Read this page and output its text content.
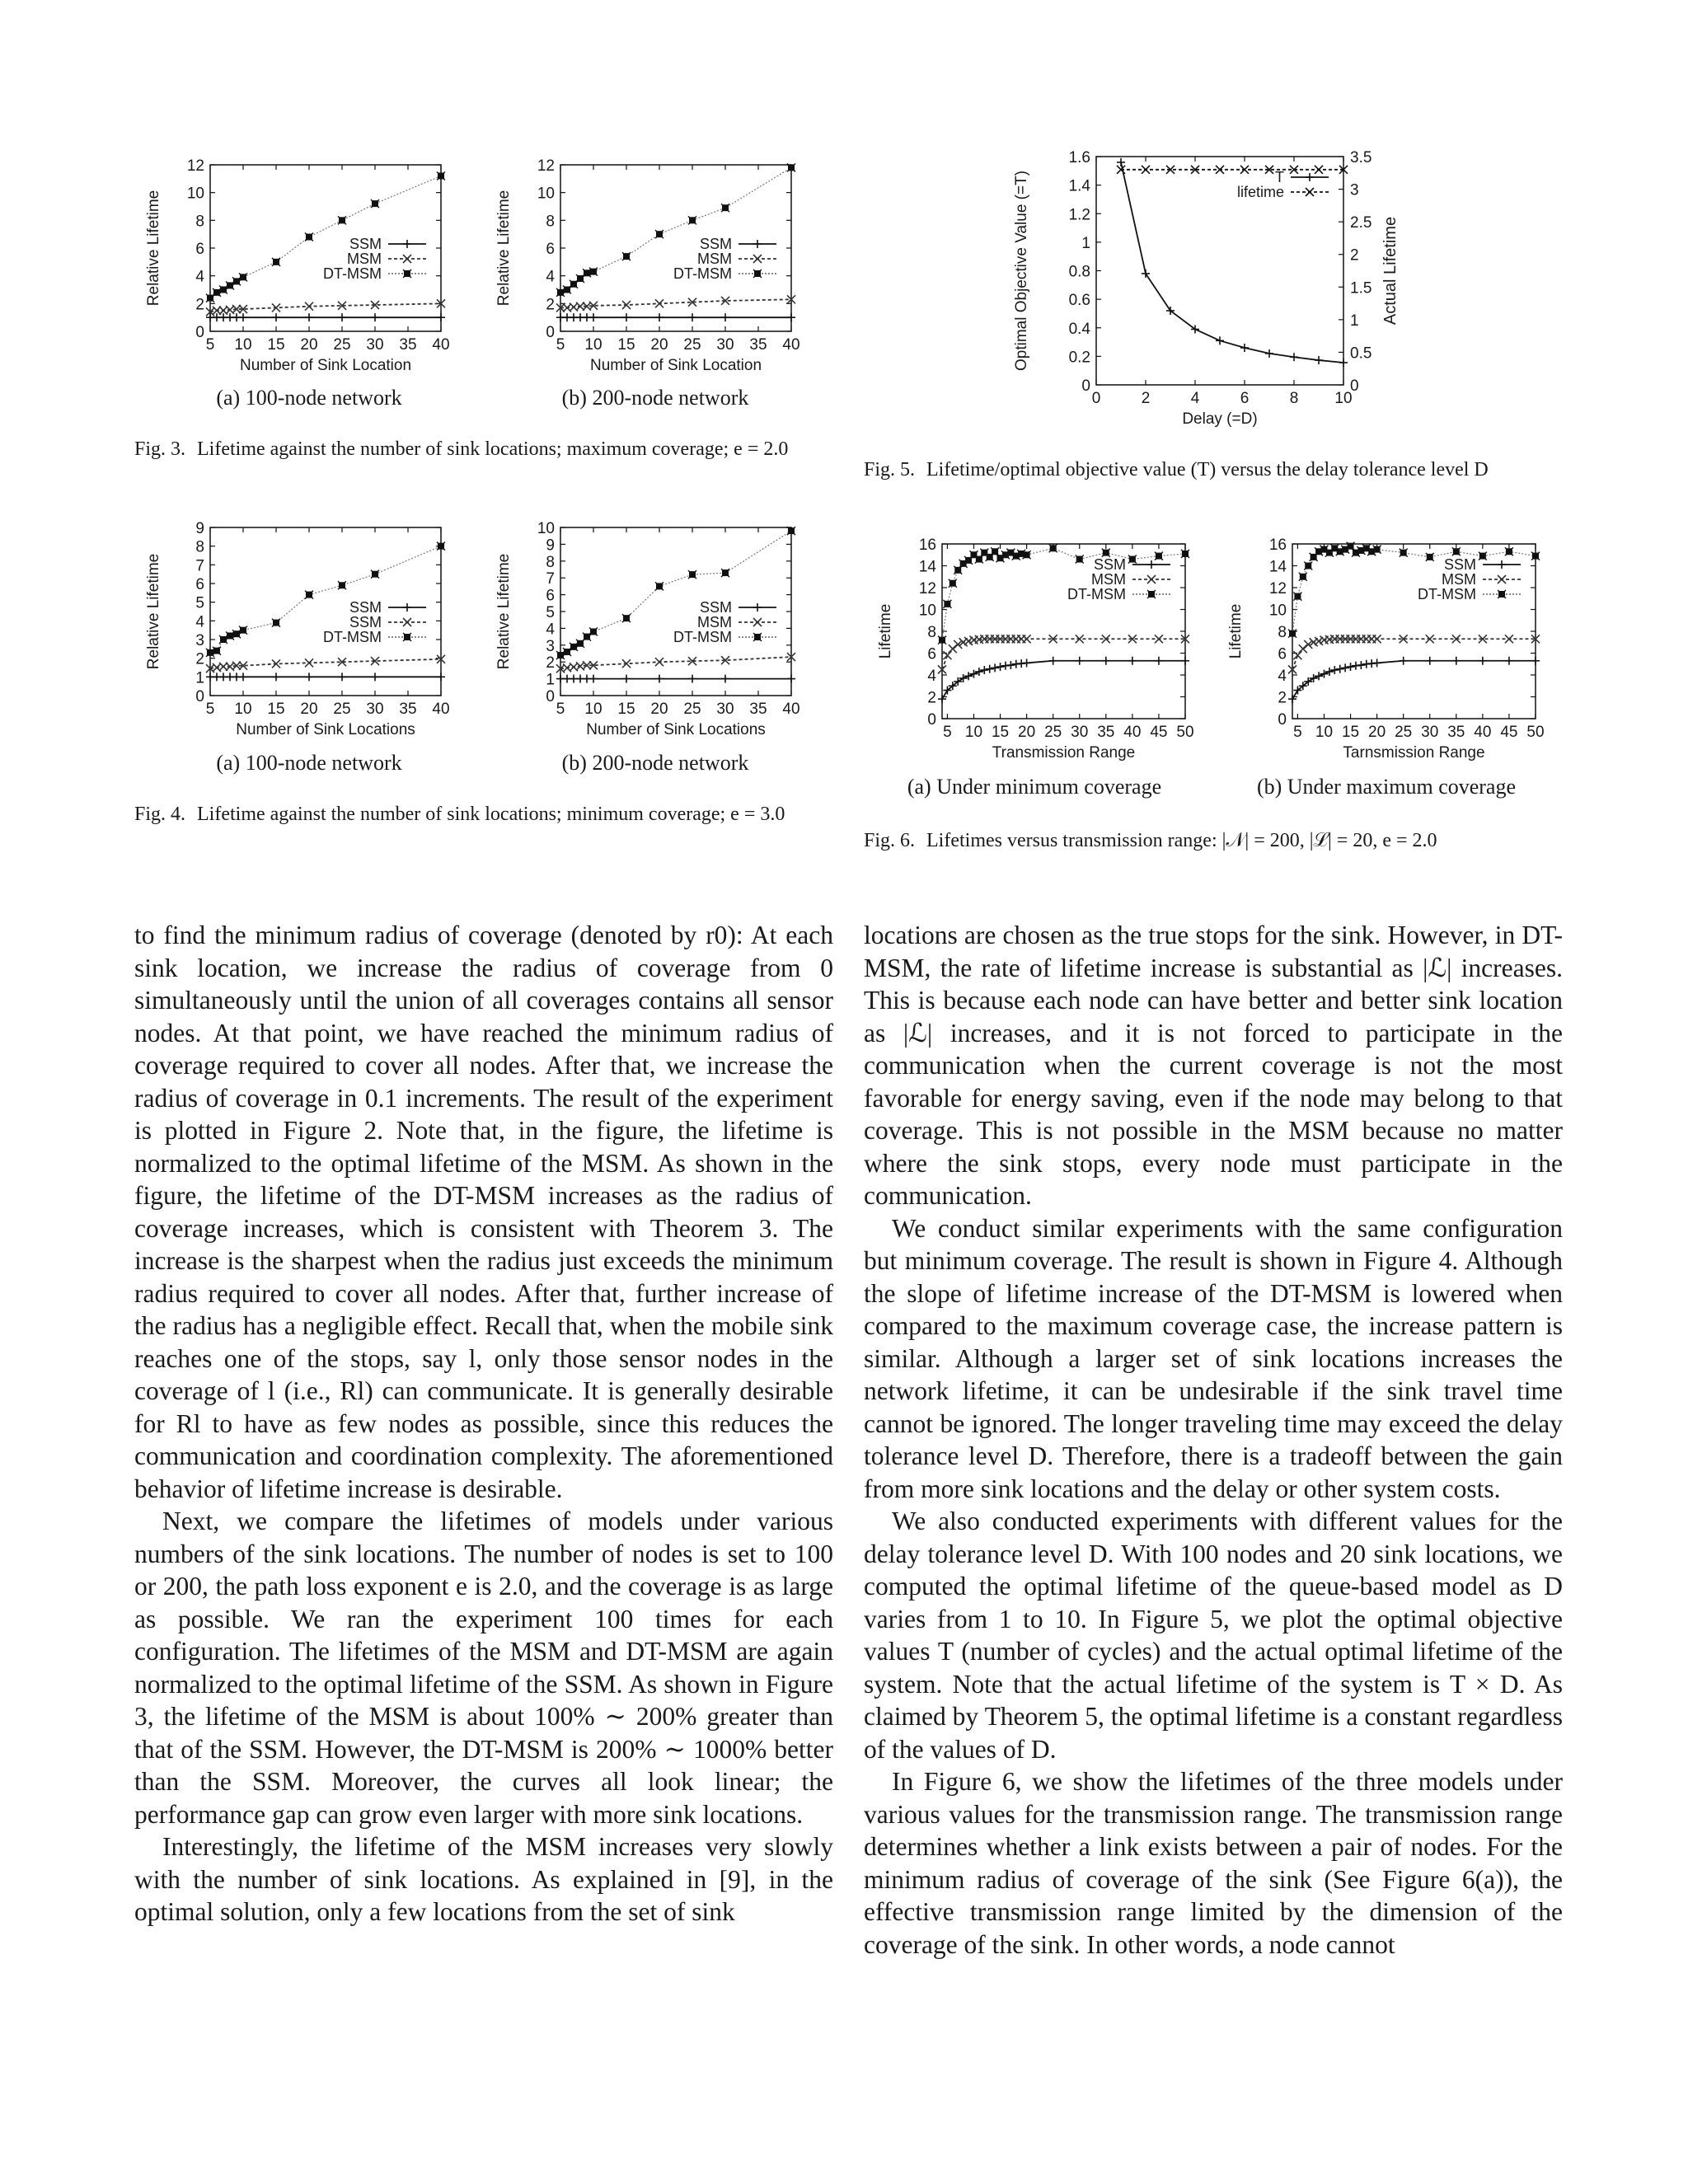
5 10 15 20 25 30 35 40
0
2
4
6
8
10
12
Number of Sink Location
Relative Lifetime	SSM
MSM
DT-MSM
(a) 100-node network
5 10 15 20 25 30 35 40
0
2
4
6
8
10
12
Number of Sink Location
Relative Lifetime	SSM
MSM
DT-MSM
(b) 200-node network
Fig. 3. Lifetime against the number of sink locations; maximum coverage; e = 2.0
5 10 15 20 25 30 35 40
0
1
2
3
4
5
6
7
8
9
Number of Sink Locations
Relative Lifetime	SSM
SSM
DT-MSM
(a) 100-node network
5 10 15 20 25 30 35 40
0
1
2
3
4
5
6
7
8
9
10
Number of Sink Locations
Relative Lifetime	SSM
MSM
DT-MSM
(b) 200-node network
Fig. 4. Lifetime against the number of sink locations; minimum coverage; e = 3.0
0	2	4	6	8 10
0
0.2
0.4
0.6
0.8
1
1.2
1.4
1.6
0
0.5
1
1.5
2
2.5
3
3.5
Actual Lifetime
Delay (=D)
Optimal Objective Value (=T)	T
lifetime
Fig. 5. Lifetime/optimal objective value (T) versus the delay tolerance level D
5 10 15 20 25 30 35 40 45 50
0
2
4
6
8
10
12
14
16
Transmission Range
Lifetime
SSM
MSM
DT-MSM
(a) Under minimum coverage
5 10 15 20 25 30 35 40 45 50
0
2
4
6
8
10
12
14
16
Tarnsmission Range
Lifetime
SSM
MSM
DT-MSM
(b) Under maximum coverage
Fig. 6. Lifetimes versus transmission range: |𝒩| = 200, |ℒ| = 20, e = 2.0

to find the minimum radius of coverage (denoted by r0): At each sink location, we increase the radius of coverage from 0 simultaneously until the union of all coverages contains all sensor nodes. At that point, we have reached the minimum radius of coverage required to cover all nodes. After that, we increase the radius of coverage in 0.1 increments. The result of the experiment is plotted in Figure 2. Note that, in the figure, the lifetime is normalized to the optimal lifetime of the MSM. As shown in the figure, the lifetime of the DT-MSM increases as the radius of coverage increases, which is consistent with Theorem 3. The increase is the sharpest when the radius just exceeds the minimum radius required to cover all nodes. After that, further increase of the radius has a negligible effect. Recall that, when the mobile sink reaches one of the stops, say l, only those sensor nodes in the coverage of l (i.e., Rl) can communicate. It is generally desirable for Rl to have as few nodes as possible, since this reduces the communication and coordination complexity. The aforementioned behavior of lifetime increase is desirable.

Next, we compare the lifetimes of models under various numbers of the sink locations. The number of nodes is set to 100 or 200, the path loss exponent e is 2.0, and the coverage is as large as possible. We ran the experiment 100 times for each configuration. The lifetimes of the MSM and DT-MSM are again normalized to the optimal lifetime of the SSM. As shown in Figure 3, the lifetime of the MSM is about 100% ∼ 200% greater than that of the SSM. However, the DT-MSM is 200% ∼ 1000% better than the SSM. Moreover, the curves all look linear; the performance gap can grow even larger with more sink locations.

Interestingly, the lifetime of the MSM increases very slowly with the number of sink locations. As explained in [9], in the optimal solution, only a few locations from the set of sink

locations are chosen as the true stops for the sink. However, in DT-MSM, the rate of lifetime increase is substantial as |ℒ| increases. This is because each node can have better and better sink location as |ℒ| increases, and it is not forced to participate in the communication when the current coverage is not the most favorable for energy saving, even if the node may belong to that coverage. This is not possible in the MSM because no matter where the sink stops, every node must participate in the communication.

We conduct similar experiments with the same configuration but minimum coverage. The result is shown in Figure 4. Although the slope of lifetime increase of the DT-MSM is lowered when compared to the maximum coverage case, the increase pattern is similar. Although a larger set of sink locations increases the network lifetime, it can be undesirable if the sink travel time cannot be ignored. The longer traveling time may exceed the delay tolerance level D. Therefore, there is a tradeoff between the gain from more sink locations and the delay or other system costs.

We also conducted experiments with different values for the delay tolerance level D. With 100 nodes and 20 sink locations, we computed the optimal lifetime of the queue-based model as D varies from 1 to 10. In Figure 5, we plot the optimal objective values T (number of cycles) and the actual optimal lifetime of the system. Note that the actual lifetime of the system is T × D. As claimed by Theorem 5, the optimal lifetime is a constant regardless of the values of D.

In Figure 6, we show the lifetimes of the three models under various values for the transmission range. The transmission range determines whether a link exists between a pair of nodes. For the minimum radius of coverage of the sink (See Figure 6(a)), the effective transmission range limited by the dimension of the coverage of the sink. In other words, a node cannot
